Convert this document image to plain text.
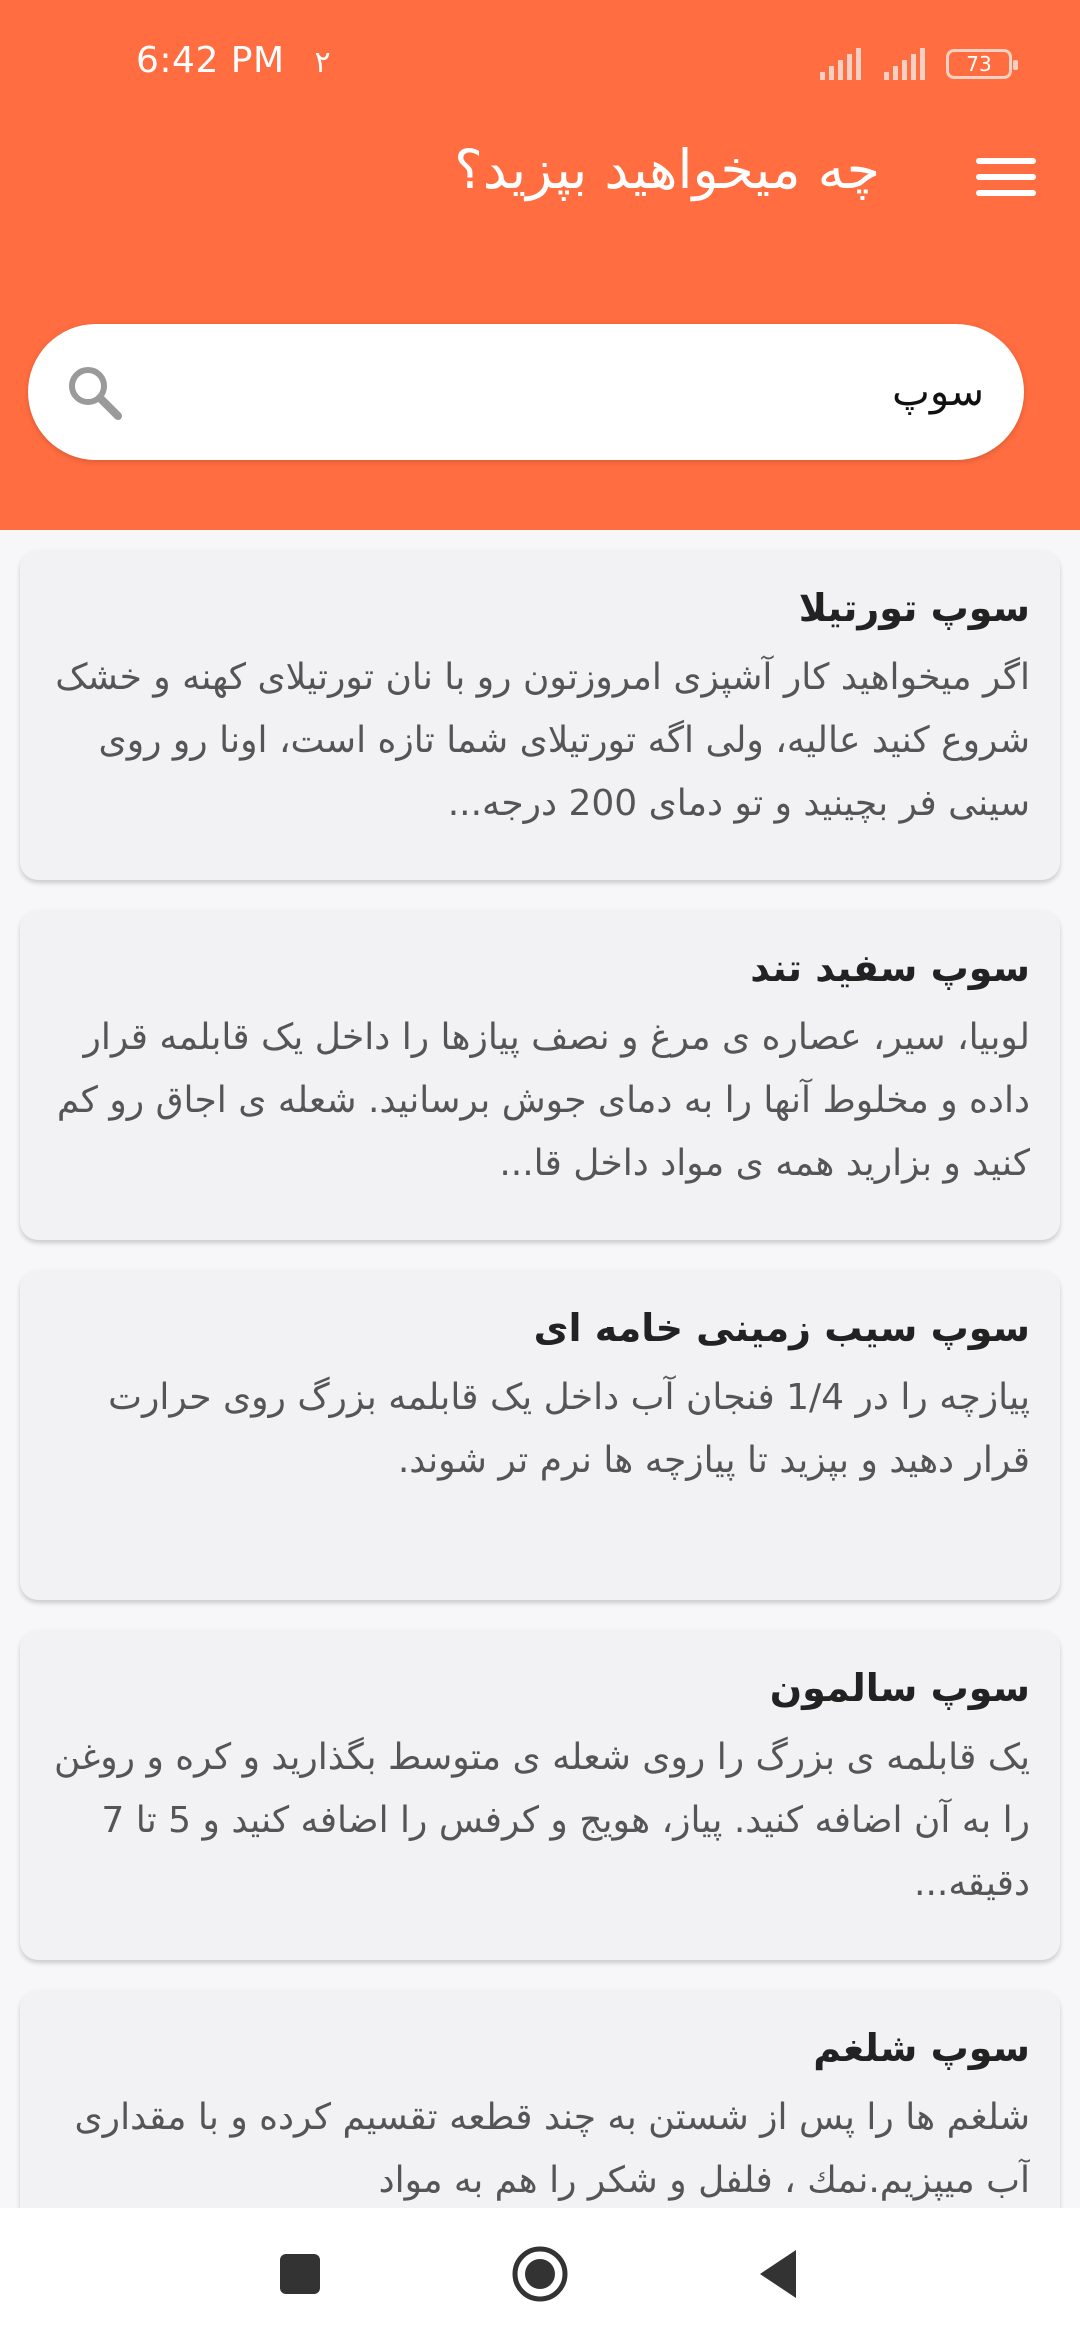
6:42 PM ۲	73
چه میخواهید بپزید؟
سوپ
سوپ تورتیلا
اگر میخواهید کار آشپزی امروزتون رو با نان تورتیلای کهنه و خشک شروع کنید عالیه، ولی اگه تورتیلای شما تازه است، اونا رو روی سینی فر بچینید و تو دمای 200 درجه...
سوپ سفید تند
لوبیا، سیر، عصاره ی مرغ و نصف پیازها را داخل یک قابلمه قرار داده و مخلوط آنها را به دمای جوش برسانید. شعله ی اجاق رو کم کنید و بزارید همه ی مواد داخل قا...
سوپ سیب زمینی خامه ای
پیازچه را در 1/4 فنجان آب داخل یک قابلمه بزرگ روی حرارت قرار دهید و بپزید تا پیازچه ها نرم تر شوند.
سوپ سالمون
یک قابلمه ی بزرگ را روی شعله ی متوسط بگذارید و کره و روغن را به آن اضافه کنید. پیاز، هویج و کرفس را اضافه کنید و 5 تا 7 دقیقه...
سوپ شلغم
شلغم ها را پس از شستن به چند قطعه تقسیم کرده و با مقداری آب میپزیم.نمك ، فلفل و شكر را هم به مواد
